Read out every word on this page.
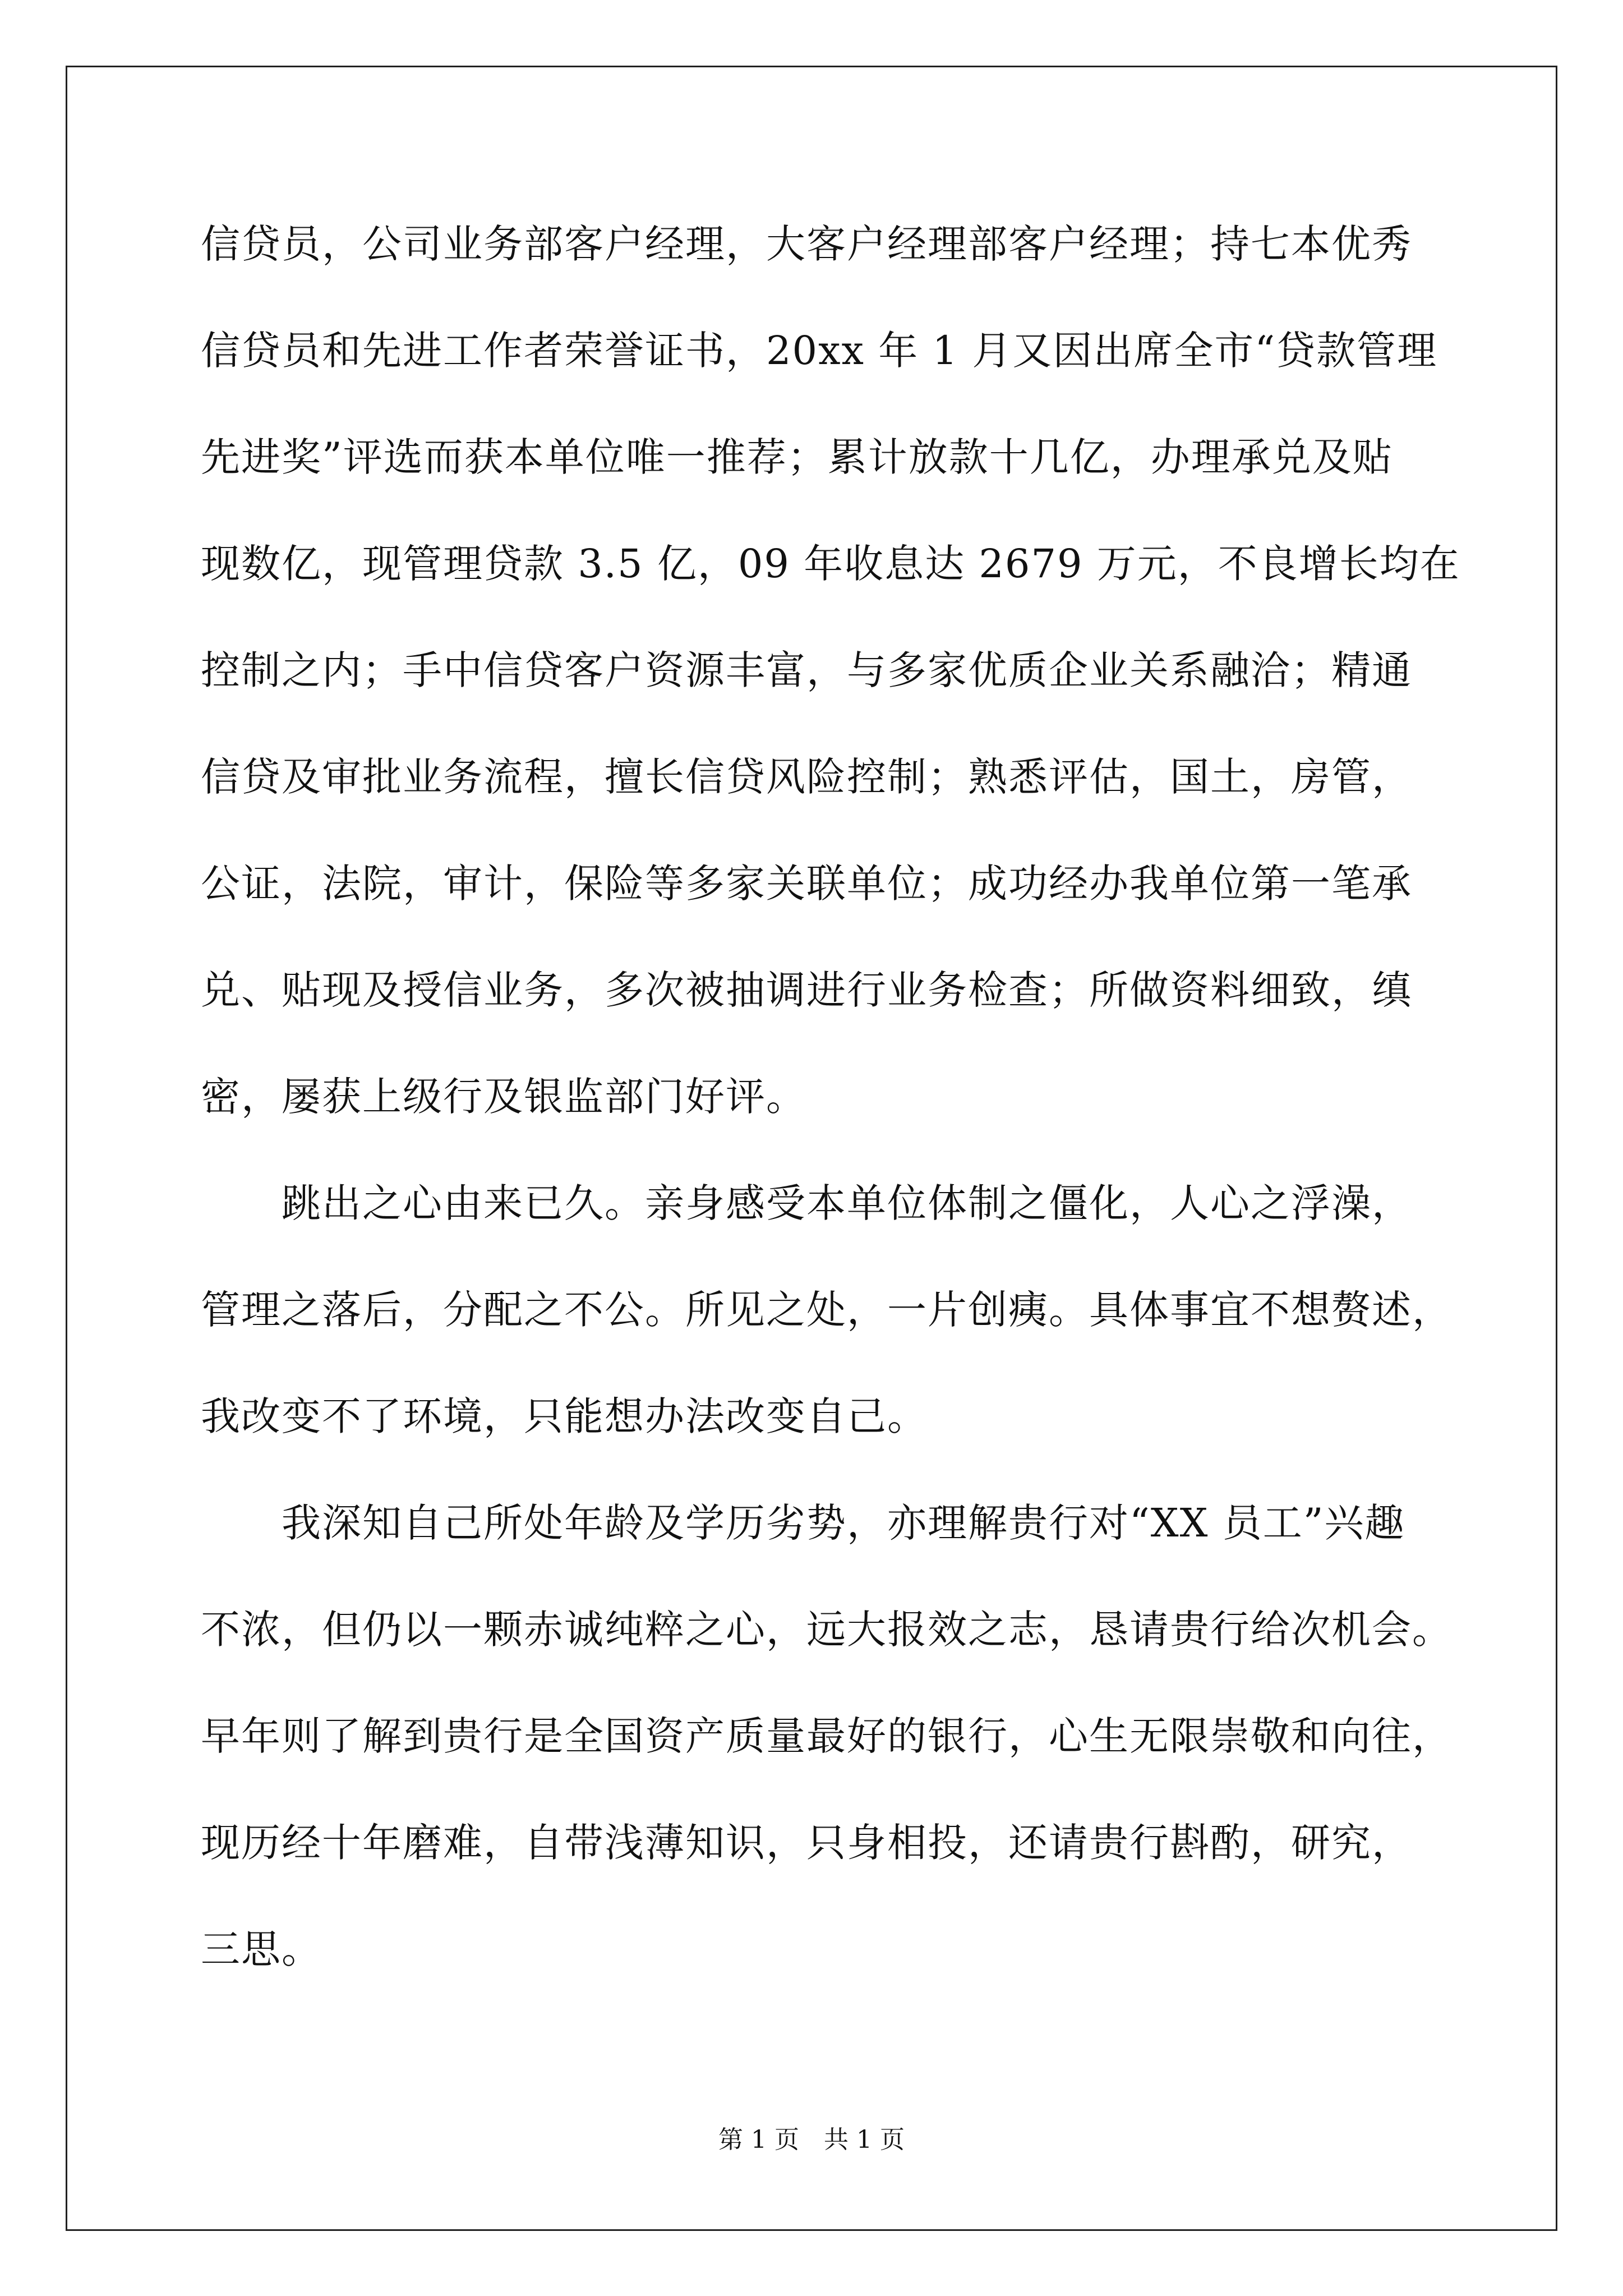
信贷员，公司业务部客户经理，大客户经理部客户经理；持七本优秀
信贷员和先进工作者荣誉证书，20xx 年 1 月又因出席全市“贷款管理
先进奖”评选而获本单位唯一推荐；累计放款十几亿，办理承兑及贴
现数亿，现管理贷款 3.5 亿，09 年收息达 2679 万元，不良增长均在
控制之内；手中信贷客户资源丰富，与多家优质企业关系融洽；精通
信贷及审批业务流程，擅长信贷风险控制；熟悉评估，国土，房管，
公证，法院，审计，保险等多家关联单位；成功经办我单位第一笔承
兑、贴现及授信业务，多次被抽调进行业务检查；所做资料细致，缜
密，屡获上级行及银监部门好评。
跳出之心由来已久。亲身感受本单位体制之僵化，人心之浮澡，
管理之落后，分配之不公。所见之处，一片创痍。具体事宜不想赘述，
我改变不了环境，只能想办法改变自己。
我深知自己所处年龄及学历劣势，亦理解贵行对“XX 员工”兴趣
不浓，但仍以一颗赤诚纯粹之心，远大报效之志，恳请贵行给次机会。
早年则了解到贵行是全国资产质量最好的银行，心生无限崇敬和向往，
现历经十年磨难，自带浅薄知识，只身相投，还请贵行斟酌，研究，
三思。
第 1 页　共 1 页
